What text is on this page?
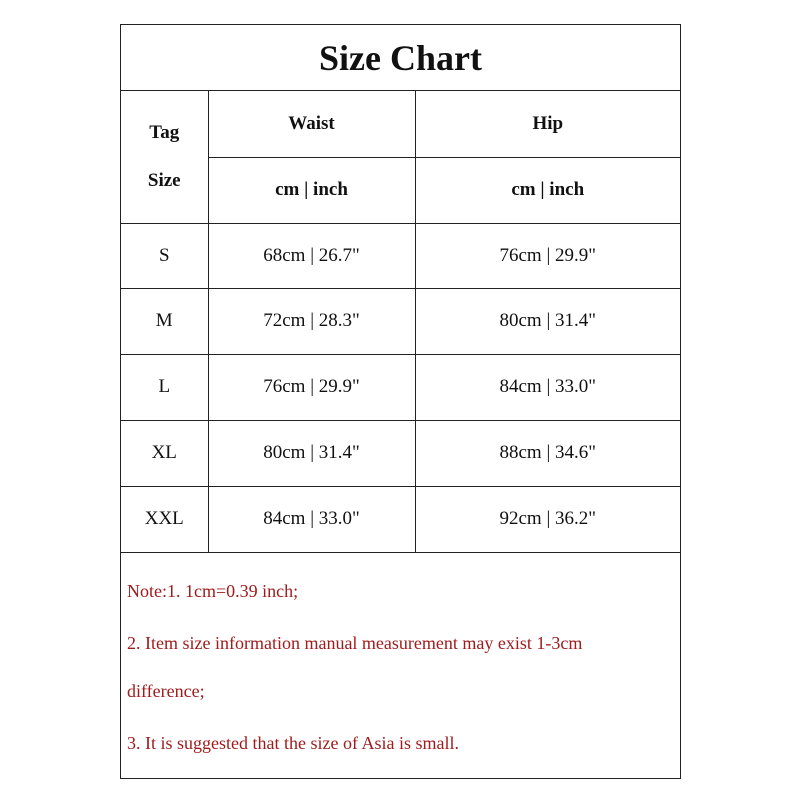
Size Chart
Tag
Size	Waist	Hip
	cm | inch	cm | inch
S	68cm | 26.7"	76cm | 29.9"
M	72cm | 28.3"	80cm | 31.4"
L	76cm | 29.9"	84cm | 33.0"
XL	80cm | 31.4"	88cm | 34.6"
XXL	84cm | 33.0"	92cm | 36.2"
Note:1. 1cm=0.39 inch;
2. Item size information manual measurement may exist 1-3cm
difference;
3. It is suggested that the size of Asia is small.
